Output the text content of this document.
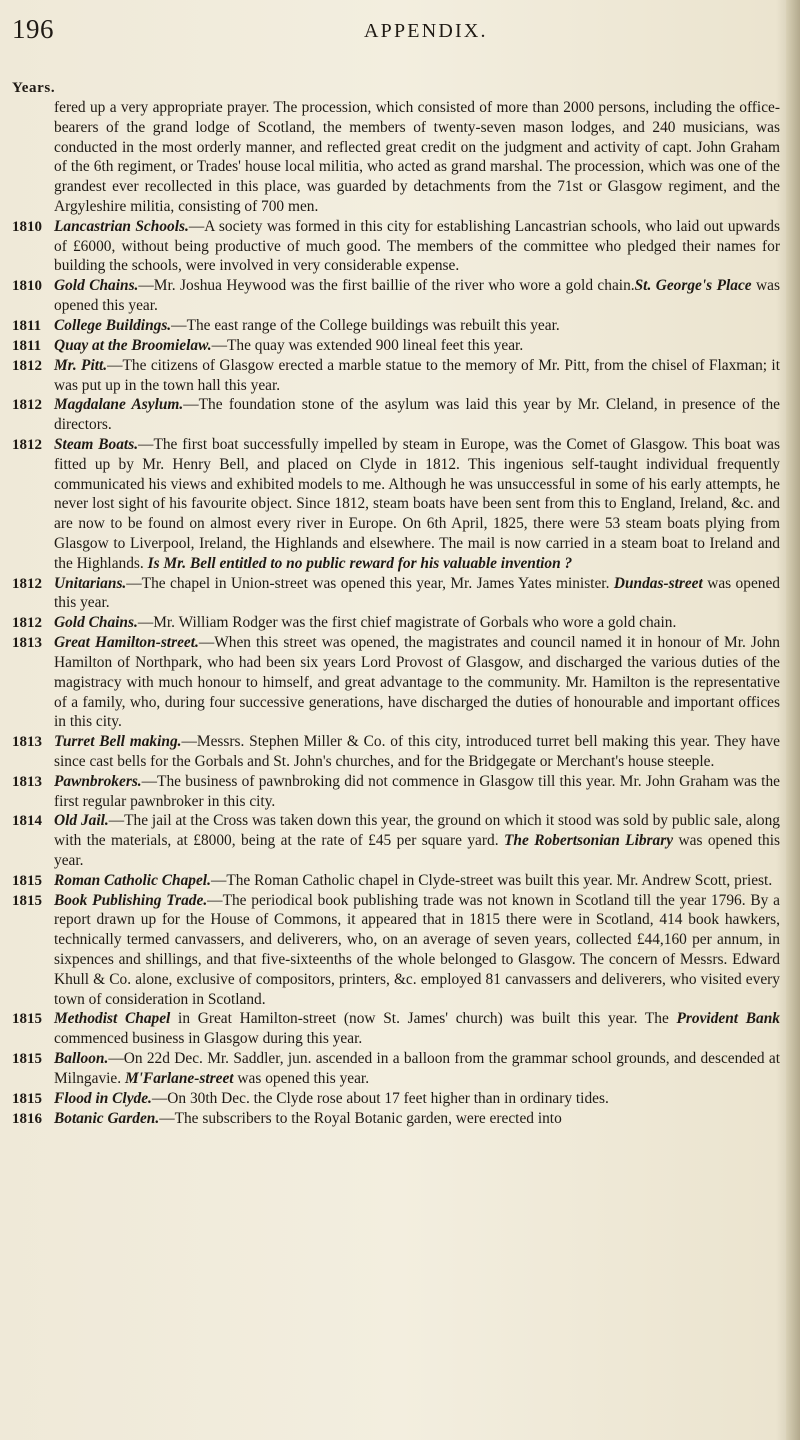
196	APPENDIX.
Years.
fered up a very appropriate prayer. The procession, which consisted of more than 2000 persons, including the office-bearers of the grand lodge of Scotland, the members of twenty-seven mason lodges, and 240 musicians, was conducted in the most orderly manner, and reflected great credit on the judgment and activity of capt. John Graham of the 6th regiment, or Trades' house local militia, who acted as grand marshal. The procession, which was one of the grandest ever recollected in this place, was guarded by detachments from the 71st or Glasgow regiment, and the Argyleshire militia, consisting of 700 men.
1810 Lancastrian Schools.—A society was formed in this city for establishing Lancastrian schools, who laid out upwards of £6000, without being productive of much good. The members of the committee who pledged their names for building the schools, were involved in very considerable expense.
1810 Gold Chains.—Mr. Joshua Heywood was the first baillie of the river who wore a gold chain.St. George's Place was opened this year.
1811 College Buildings.—The east range of the College buildings was rebuilt this year.
1811 Quay at the Broomielaw.—The quay was extended 900 lineal feet this year.
1812 Mr. Pitt.—The citizens of Glasgow erected a marble statue to the memory of Mr. Pitt, from the chisel of Flaxman; it was put up in the town hall this year.
1812 Magdalane Asylum.—The foundation stone of the asylum was laid this year by Mr. Cleland, in presence of the directors.
1812 Steam Boats.—The first boat successfully impelled by steam in Europe, was the Comet of Glasgow. This boat was fitted up by Mr. Henry Bell, and placed on Clyde in 1812. This ingenious self-taught individual frequently communicated his views and exhibited models to me. Although he was unsuccessful in some of his early attempts, he never lost sight of his favourite object. Since 1812, steam boats have been sent from this to England, Ireland, &c. and are now to be found on almost every river in Europe. On 6th April, 1825, there were 53 steam boats plying from Glasgow to Liverpool, Ireland, the Highlands and elsewhere. The mail is now carried in a steam boat to Ireland and the Highlands. Is Mr. Bell entitled to no public reward for his valuable invention ?
1812 Unitarians.—The chapel in Union-street was opened this year, Mr. James Yates minister. Dundas-street was opened this year.
1812 Gold Chains.—Mr. William Rodger was the first chief magistrate of Gorbals who wore a gold chain.
1813 Great Hamilton-street.—When this street was opened, the magistrates and council named it in honour of Mr. John Hamilton of Northpark, who had been six years Lord Provost of Glasgow, and discharged the various duties of the magistracy with much honour to himself, and great advantage to the community. Mr. Hamilton is the representative of a family, who, during four successive generations, have discharged the duties of honourable and important offices in this city.
1813 Turret Bell making.—Messrs. Stephen Miller & Co. of this city, introduced turret bell making this year. They have since cast bells for the Gorbals and St. John's churches, and for the Bridgegate or Merchant's house steeple.
1813 Pawnbrokers.—The business of pawnbroking did not commence in Glasgow till this year. Mr. John Graham was the first regular pawnbroker in this city.
1814 Old Jail.—The jail at the Cross was taken down this year, the ground on which it stood was sold by public sale, along with the materials, at £8000, being at the rate of £45 per square yard. The Robertsonian Library was opened this year.
1815 Roman Catholic Chapel.—The Roman Catholic chapel in Clyde-street was built this year. Mr. Andrew Scott, priest.
1815 Book Publishing Trade.—The periodical book publishing trade was not known in Scotland till the year 1796. By a report drawn up for the House of Commons, it appeared that in 1815 there were in Scotland, 414 book hawkers, technically termed canvassers, and deliverers, who, on an average of seven years, collected £44,160 per annum, in sixpences and shillings, and that five-sixteenths of the whole belonged to Glasgow. The concern of Messrs. Edward Khull & Co. alone, exclusive of compositors, printers, &c. employed 81 canvassers and deliverers, who visited every town of consideration in Scotland.
1815 Methodist Chapel in Great Hamilton-street (now St. James' church) was built this year. The Provident Bank commenced business in Glasgow during this year.
1815 Balloon.—On 22d Dec. Mr. Saddler, jun. ascended in a balloon from the grammar school grounds, and descended at Milngavie. M'Farlane-street was opened this year.
1815 Flood in Clyde.—On 30th Dec. the Clyde rose about 17 feet higher than in ordinary tides.
1816 Botanic Garden.—The subscribers to the Royal Botanic garden, were erected into
